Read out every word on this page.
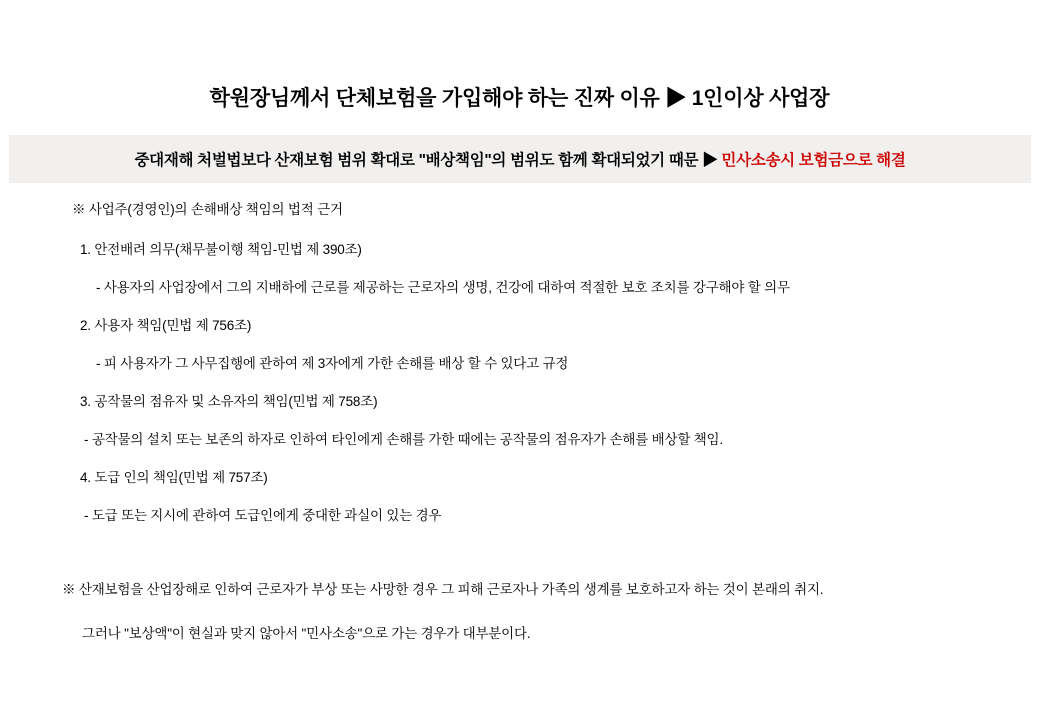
학원장님께서 단체보험을 가입해야 하는 진짜 이유 ▶ 1인이상 사업장
중대재해 처벌법보다 산재보험 범위 확대로 "배상책임"의 범위도 함께 확대되었기 때문 ▶ 민사소송시 보험금으로 해결
※ 사업주(경영인)의 손해배상 책임의 법적 근거
1. 안전배려 의무(채무불이행 책임-민법 제 390조)
- 사용자의 사업장에서 그의 지배하에 근로를 제공하는 근로자의 생명, 건강에 대하여 적절한 보호 조치를 강구해야 할 의무
2. 사용자 책임(민법 제 756조)
- 피 사용자가 그 사무집행에 관하여 제 3자에게 가한 손해를 배상 할 수 있다고 규정
3. 공작물의 점유자 및 소유자의 책임(민법 제 758조)
- 공작물의 설치 또는 보존의 하자로 인하여 타인에게 손해를 가한 때에는 공작물의 점유자가 손해를 배상할 책임.
4. 도급 인의 책임(민법 제 757조)
- 도급 또는 지시에 관하여 도급인에게 중대한 과실이 있는 경우
※ 산재보험을 산업장해로 인하여 근로자가 부상 또는 사망한 경우 그 피해 근로자나 가족의 생계를 보호하고자 하는 것이 본래의 취지.
그러나 "보상액"이 현실과 맞지 않아서 "민사소송"으로 가는 경우가 대부분이다.
